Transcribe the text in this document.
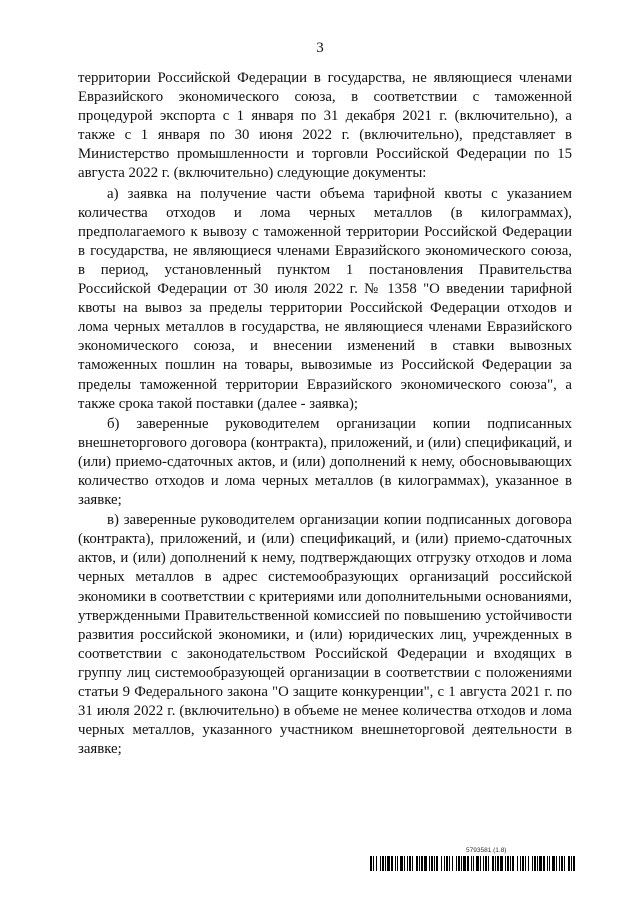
3

территории Российской Федерации в государства, не являющиеся членами Евразийского экономического союза, в соответствии с таможенной процедурой экспорта с 1 января по 31 декабря 2021 г. (включительно), а также с 1 января по 30 июня 2022 г. (включительно), представляет в Министерство промышленности и торговли Российской Федерации по 15 августа 2022 г. (включительно) следующие документы:

а) заявка на получение части объема тарифной квоты с указанием количества отходов и лома черных металлов (в килограммах), предполагаемого к вывозу с таможенной территории Российской Федерации в государства, не являющиеся членами Евразийского экономического союза, в период, установленный пунктом 1 постановления Правительства Российской Федерации от 30 июля 2022 г. № 1358 "О введении тарифной квоты на вывоз за пределы территории Российской Федерации отходов и лома черных металлов в государства, не являющиеся членами Евразийского экономического союза, и внесении изменений в ставки вывозных таможенных пошлин на товары, вывозимые из Российской Федерации за пределы таможенной территории Евразийского экономического союза", а также срока такой поставки (далее - заявка);

б) заверенные руководителем организации копии подписанных внешнеторгового договора (контракта), приложений, и (или) спецификаций, и (или) приемо-сдаточных актов, и (или) дополнений к нему, обосновывающих количество отходов и лома черных металлов (в килограммах), указанное в заявке;

в) заверенные руководителем организации копии подписанных договора (контракта), приложений, и (или) спецификаций, и (или) приемо-сдаточных актов, и (или) дополнений к нему, подтверждающих отгрузку отходов и лома черных металлов в адрес системообразующих организаций российской экономики в соответствии с критериями или дополнительными основаниями, утвержденными Правительственной комиссией по повышению устойчивости развития российской экономики, и (или) юридических лиц, учрежденных в соответствии с законодательством Российской Федерации и входящих в группу лиц системообразующей организации в соответствии с положениями статьи 9 Федерального закона "О защите конкуренции", с 1 августа 2021 г. по 31 июля 2022 г. (включительно) в объеме не менее количества отходов и лома черных металлов, указанного участником внешнеторговой деятельности в заявке;

5793581 (1.8)
